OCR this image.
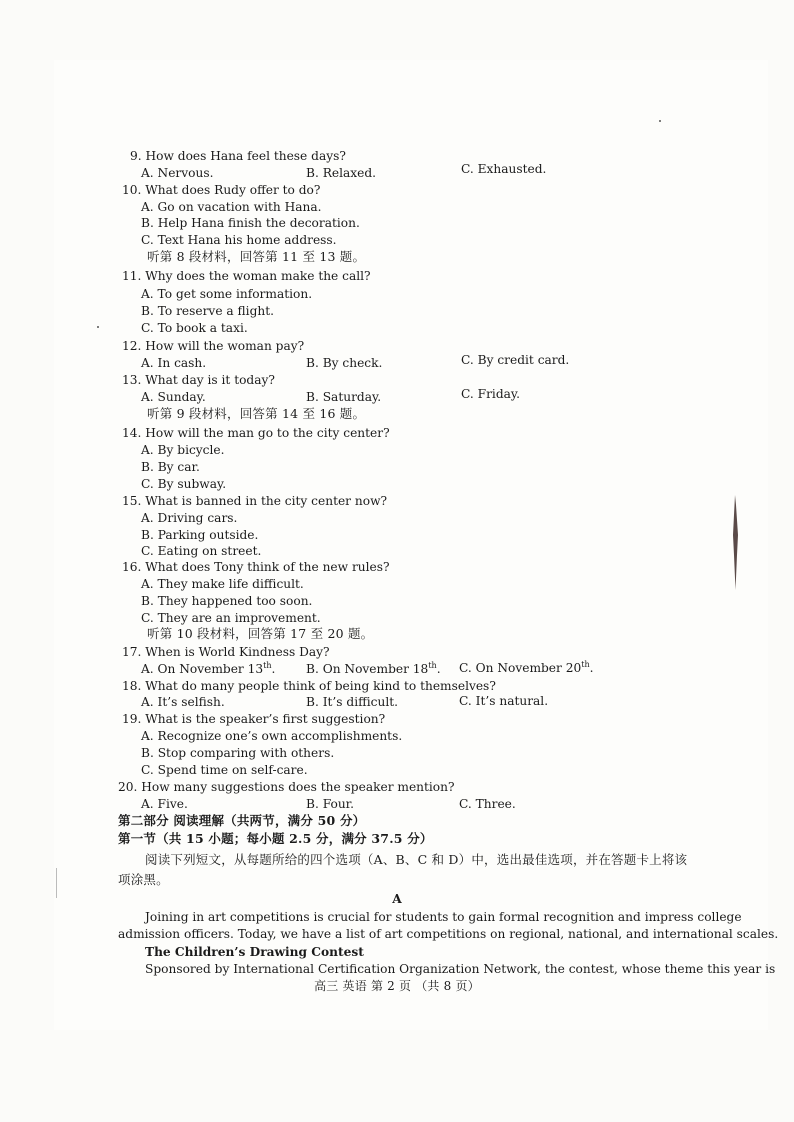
9. How does Hana feel these days?
A. Nervous.	B. Relaxed.	C. Exhausted.
10. What does Rudy offer to do?
A. Go on vacation with Hana.
B. Help Hana finish the decoration.
C. Text Hana his home address.
听第 8 段材料，回答第 11 至 13 题。
11. Why does the woman make the call?
A. To get some information.
B. To reserve a flight.
C. To book a taxi.
12. How will the woman pay?
A. In cash.	B. By check.	C. By credit card.
13. What day is it today?
A. Sunday.	B. Saturday.	C. Friday.
听第 9 段材料，回答第 14 至 16 题。
14. How will the man go to the city center?
A. By bicycle.
B. By car.
C. By subway.
15. What is banned in the city center now?
A. Driving cars.
B. Parking outside.
C. Eating on street.
16. What does Tony think of the new rules?
A. They make life difficult.
B. They happened too soon.
C. They are an improvement.
听第 10 段材料，回答第 17 至 20 题。
17. When is World Kindness Day?
A. On November 13th.	B. On November 18th. C. On November 20th.
18. What do many people think of being kind to themselves?
A. It’s selfish.	B. It’s difficult.	C. It’s natural.
19. What is the speaker’s first suggestion?
A. Recognize one’s own accomplishments.
B. Stop comparing with others.
C. Spend time on self-care.
20. How many suggestions does the speaker mention?
A. Five.	B. Four.	C. Three.
第二部分 阅读理解（共两节，满分 50 分）
第一节（共 15 小题；每小题 2.5 分，满分 37.5 分）
阅读下列短文，从每题所给的四个选项（A、B、C 和 D）中，选出最佳选项，并在答题卡上将该
项涂黑。
A
Joining in art competitions is crucial for students to gain formal recognition and impress college
admission officers. Today, we have a list of art competitions on regional, national, and international scales.
The Children’s Drawing Contest
Sponsored by International Certification Organization Network, the contest, whose theme this year is
高三 英语 第 2 页 （共 8 页）
